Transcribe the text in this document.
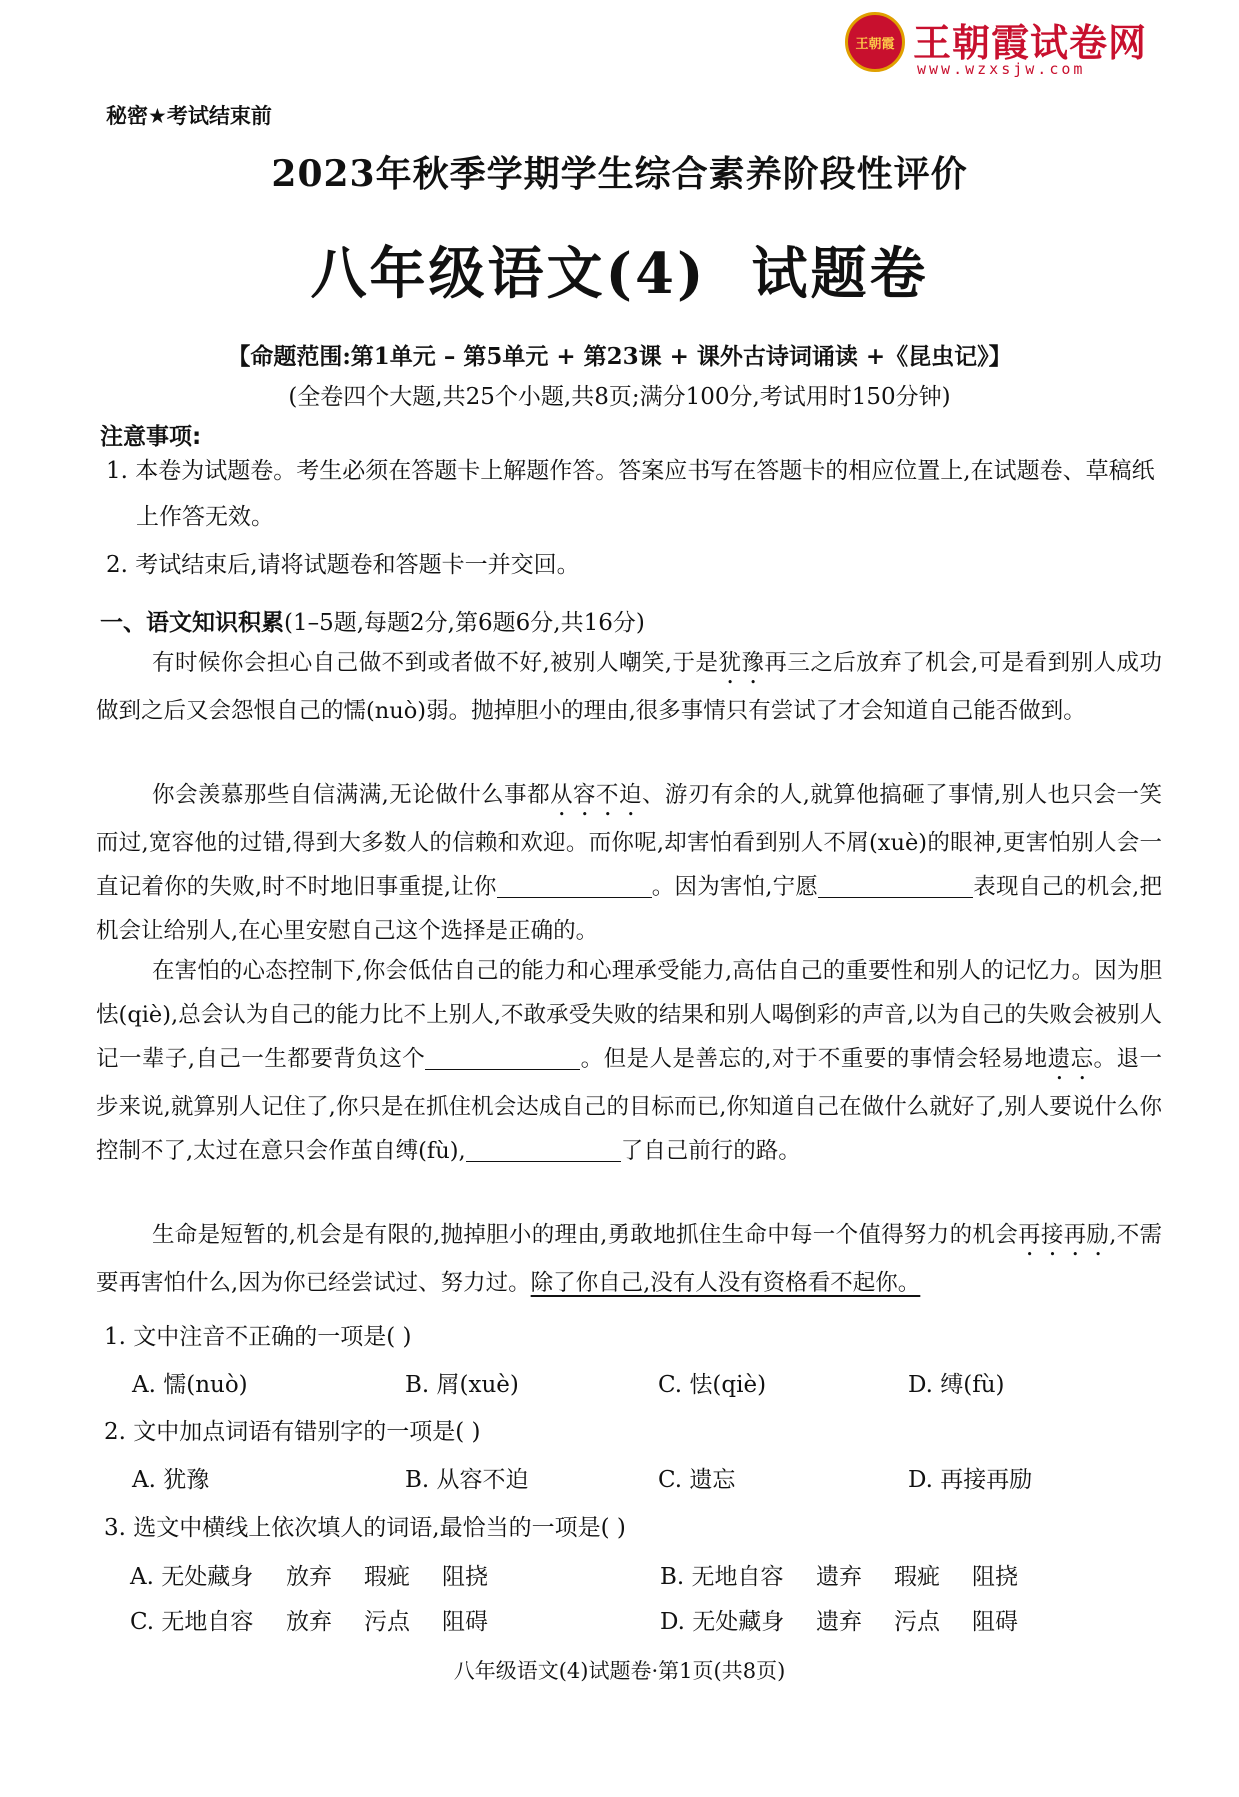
王朝霞 王朝霞试卷网
www.wzxsjw.com
秘密★考试结束前
2023年秋季学期学生综合素养阶段性评价
八年级语文(4)  试题卷
【命题范围:第1单元 – 第5单元 + 第23课 + 课外古诗词诵读 +《昆虫记》】
(全卷四个大题,共25个小题,共8页;满分100分,考试用时150分钟)
注意事项:
1. 本卷为试题卷。考生必须在答题卡上解题作答。答案应书写在答题卡的相应位置上,在试题卷、草稿纸上作答无效。
2. 考试结束后,请将试题卷和答题卡一并交回。
一、语文知识积累(1–5题,每题2分,第6题6分,共16分)
有时候你会担心自己做不到或者做不好,被别人嘲笑,于是犹豫再三之后放弃了机会,可是看到别人成功做到之后又会怨恨自己的懦(nuò)弱。抛掉胆小的理由,很多事情只有尝试了才会知道自己能否做到。
你会羡慕那些自信满满,无论做什么事都从容不迫、游刃有余的人,就算他搞砸了事情,别人也只会一笑而过,宽容他的过错,得到大多数人的信赖和欢迎。而你呢,却害怕看到别人不屑(xuè)的眼神,更害怕别人会一直记着你的失败,时不时地旧事重提,让你	。因为害怕,宁愿	表现自己的机会,把机会让给别人,在心里安慰自己这个选择是正确的。
在害怕的心态控制下,你会低估自己的能力和心理承受能力,高估自己的重要性和别人的记忆力。因为胆怯(qiè),总会认为自己的能力比不上别人,不敢承受失败的结果和别人喝倒彩的声音,以为自己的失败会被别人记一辈子,自己一生都要背负这个	。但是人是善忘的,对于不重要的事情会轻易地遗忘。退一步来说,就算别人记住了,你只是在抓住机会达成自己的目标而已,你知道自己在做什么就好了,别人要说什么你控制不了,太过在意只会作茧自缚(fù),	了自己前行的路。
生命是短暂的,机会是有限的,抛掉胆小的理由,勇敢地抓住生命中每一个值得努力的机会再接再励,不需要再害怕什么,因为你已经尝试过、努力过。除了你自己,没有人没有资格看不起你。
1. 文中注音不正确的一项是( )
A. 懦(nuò)	B. 屑(xuè)	C. 怯(qiè)	D. 缚(fù)
2. 文中加点词语有错别字的一项是( )
A. 犹豫	B. 从容不迫	C. 遗忘	D. 再接再励
3. 选文中横线上依次填人的词语,最恰当的一项是( )
A. 无处藏身 放弃 瑕疵 阻挠	B. 无地自容 遗弃 瑕疵 阻挠
C. 无地自容 放弃 污点 阻碍	D. 无处藏身 遗弃 污点 阻碍
八年级语文(4)试题卷·第1页(共8页)
